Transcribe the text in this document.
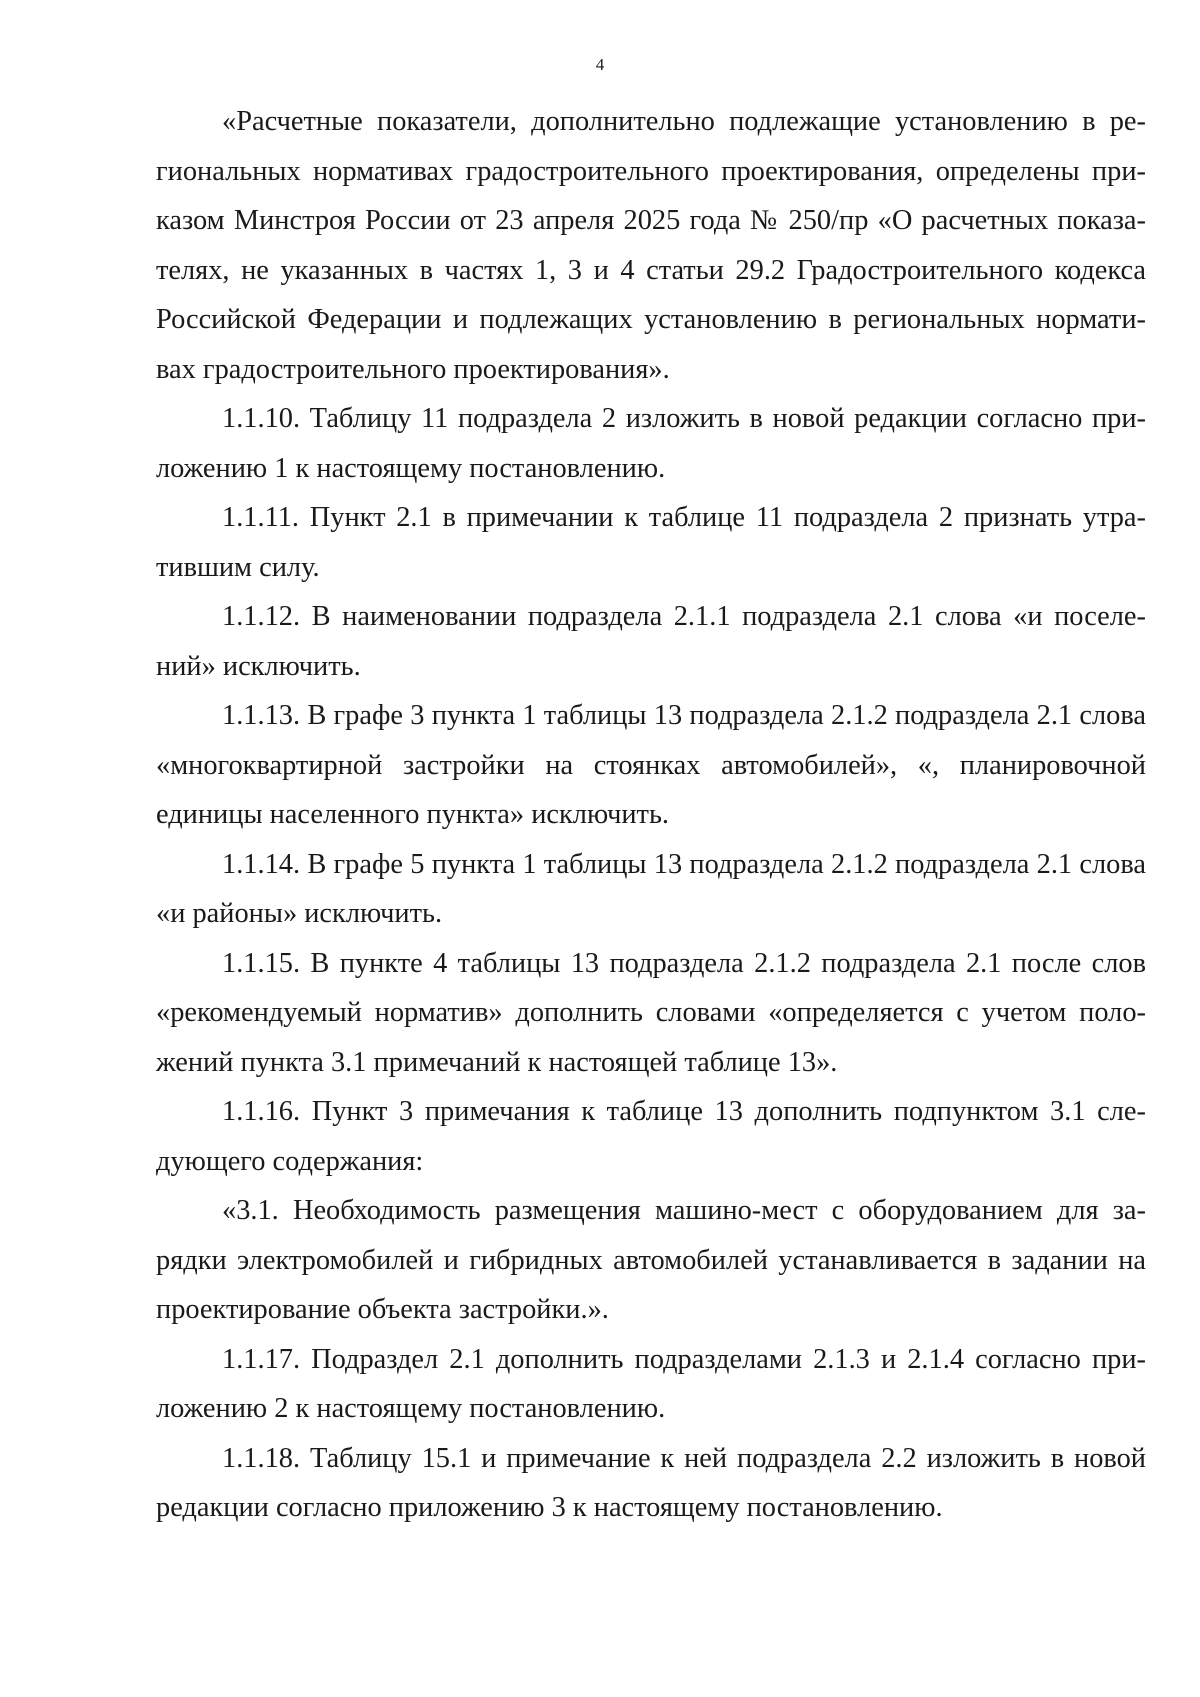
4

«Расчетные показатели, дополнительно подлежащие установлению в региональных нормативах градостроительного проектирования, определены приказом Минстроя России от 23 апреля 2025 года № 250/пр «О расчетных показателях, не указанных в частях 1, 3 и 4 статьи 29.2 Градостроительного кодекса Российской Федерации и подлежащих установлению в региональных нормативах градостроительного проектирования».

1.1.10. Таблицу 11 подраздела 2 изложить в новой редакции согласно приложению 1 к настоящему постановлению.

1.1.11. Пункт 2.1 в примечании к таблице 11 подраздела 2 признать утратившим силу.

1.1.12. В наименовании подраздела 2.1.1 подраздела 2.1 слова «и поселений» исключить.

1.1.13. В графе 3 пункта 1 таблицы 13 подраздела 2.1.2 подраздела 2.1 слова «многоквартирной застройки на стоянках автомобилей», «, планировочной единицы населенного пункта» исключить.

1.1.14. В графе 5 пункта 1 таблицы 13 подраздела 2.1.2 подраздела 2.1 слова «и районы» исключить.

1.1.15. В пункте 4 таблицы 13 подраздела 2.1.2 подраздела 2.1 после слов «рекомендуемый норматив» дополнить словами «определяется с учетом положений пункта 3.1 примечаний к настоящей таблице 13».

1.1.16. Пункт 3 примечания к таблице 13 дополнить подпунктом 3.1 следующего содержания:

«3.1. Необходимость размещения машино-мест с оборудованием для зарядки электромобилей и гибридных автомобилей устанавливается в задании на проектирование объекта застройки.».

1.1.17. Подраздел 2.1 дополнить подразделами 2.1.3 и 2.1.4 согласно приложению 2 к настоящему постановлению.

1.1.18. Таблицу 15.1 и примечание к ней подраздела 2.2 изложить в новой редакции согласно приложению 3 к настоящему постановлению.
